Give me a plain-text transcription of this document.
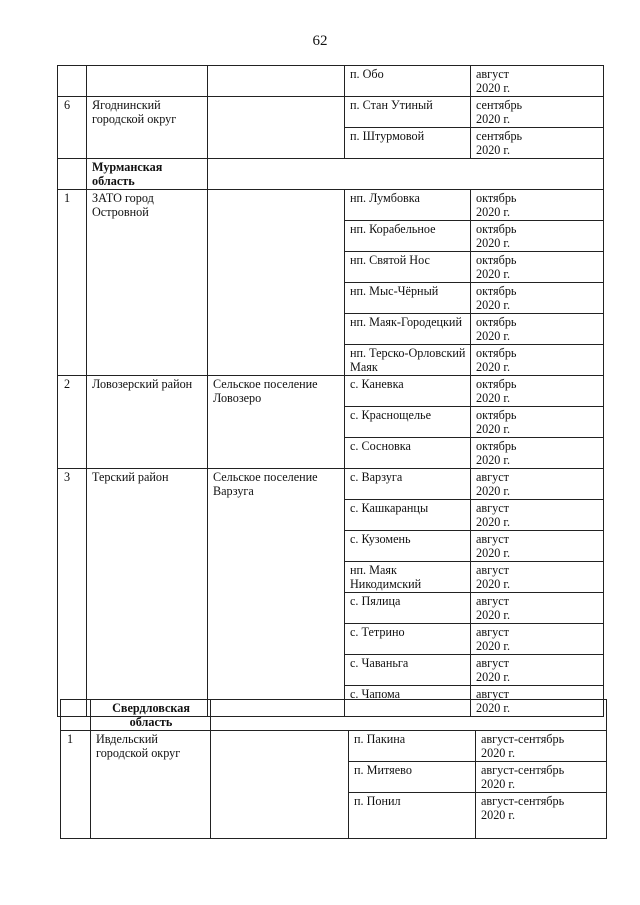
62
			п. Обо	август
2020 г.

6	Ягоднинский городской округ		п. Стан Утиный	сентябрь
2020 г.

			п. Штурмовой	сентябрь
2020 г.

	Мурманская область			
1	ЗАТО город Островной		нп. Лумбовка	октябрь
2020 г.

			нп. Корабельное	октябрь
2020 г.

			нп. Святой Нос	октябрь
2020 г.

			нп. Мыс-Чёрный	октябрь
2020 г.

			нп. Маяк-Городецкий	октябрь
2020 г.

			нп. Терско-Орловский Маяк	октябрь
2020 г.

2	Ловозерский район	Сельское поселение Ловозеро	с. Каневка	октябрь
2020 г.

			с. Краснощелье	октябрь
2020 г.

			с. Сосновка	октябрь
2020 г.

3	Терский район	Сельское поселение Варзуга	с. Варзуга	август
2020 г.

			с. Кашкаранцы	август
2020 г.

			с. Кузомень	август
2020 г.

			нп. Маяк Никодимский	август
2020 г.

			с. Пялица	август
2020 г.

			с. Тетрино	август
2020 г.

			с. Чаваньга	август
2020 г.

			с. Чапома	август
2020 г.
	Свердловская область			
1	Ивдельский городской округ		п. Пакина	август-сентябрь
2020 г.

			п. Митяево	август-сентябрь
2020 г.

			п. Понил	август-сентябрь
2020 г.
